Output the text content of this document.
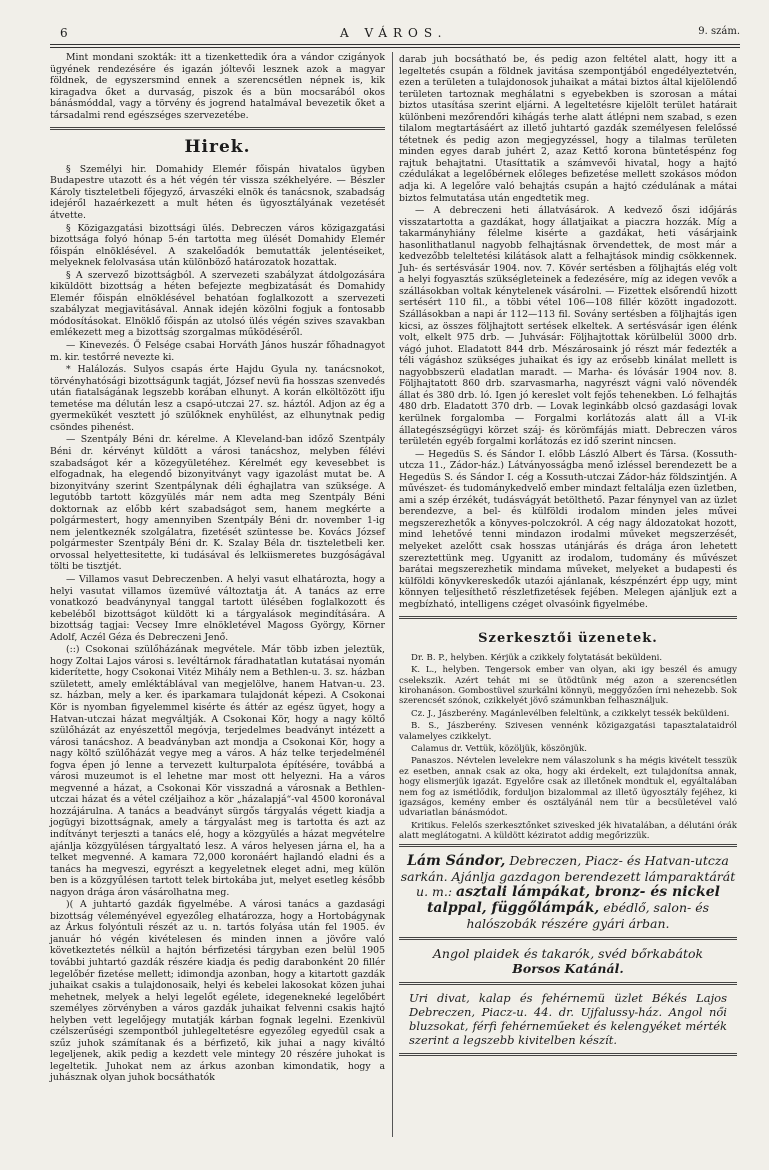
6	A VÁROS.	9. szám.

Mint mondani szokták: itt a tizenkettedik óra a vándor czigányok ügyének rendezésére és igazán jóltevői lesznek azok a magyar földnek, de egyszersmind ennek a szerencsétlen népnek is, kik kiragadva őket a durvaság, piszok és a bün mocsarából okos bánásmóddal, vagy a törvény és jogrend hatalmával bevezetik őket a társadalmi rend egészséges szervezetébe.

Hirek.

§ Személyi hir. Domahidy Elemér főispán hivatalos ügyben Budapestre utazott és a hét végén tér vissza székhelyére. — Bészler Károly tiszteletbeli főjegyző, árvaszéki elnök és tanácsnok, szabadság idejéről hazaérkezett a mult héten és ügyosztályának vezetését átvette.

§ Közigazgatási bizottsági ülés. Debreczen város közigazgatási bizottsága folyó hónap 5-én tartotta meg ülését Domahidy Elemér főispán elnöklésével. A szakelőadók bemutatták jelentéseiket, melyeknek felolvasása után különböző határozatok hozattak.

§ A szervező bizottságból. A szervezeti szabályzat átdolgozására kiküldött bizottság a héten befejezte megbizatását és Domahidy Elemér főispán elnöklésével behatóan foglalkozott a szervezeti szabályzat megjavitásával. Annak idején közölni fogjuk a fontosabb módosításokat. Elnöklő főispán az utolsó ülés végén szives szavakban emlékezett meg a bizottság szorgalmas működéséről.

— Kinevezés. Ő Felsége csabai Horváth János huszár főhadnagyot m. kir. testőrré nevezte ki.

* Haláloz​ás. Sulyos csapás érte Hajdu Gyula ny. tanácsnokot, törvényhatósági bizottságunk tagját, József nevü fia hosszas szenvedés után fiatalságának legszebb korában elhunyt. A korán elköltözött ifju temetése ma délután lesz a csapó-utczai 27. sz. háztól. Adjon az ég a gyermekükét vesztett jó szülőknek enyhülést, az elhunytnak pedig csöndes pihenést.

— Szentpály Béni dr. kérelme. A Kleveland-ban időző Szentpály Béni dr. kérvényt küldött a városi tanácshoz, melyben félévi szabadságot kér a közegyületéhez. Kérelmét egy kevesebbet is elfogadnak, ha elegendő bizonyitványt vagy igazolást mutat be. A bizonyitvány szerint Szentpálynak déli éghajlatra van szüksége. A legutóbb tartott közgyülés már nem adta meg Szentpály Béni doktornak az előbb kért szabadságot sem, hanem megkérte a polgármestert, hogy amennyiben Szentpály Béni dr. november 1-ig nem jelentkeznék szolgálatra, fizetését szüntesse be. Kovács József polgármester Szentpály Béni dr. K. Szalay Béla dr. tiszteletbeli ker. orvossal helyettesitette, ki tudásával és lelkiismeretes buzgóságával tölti be tisztjét.

— Villamos vasut Debreczenben. A helyi vasut elhatározta, hogy a helyi vasutat villamos üzemüvé változtatja át. A tanács az erre vonatkozó beadványnyal tanggal tartott ülésében foglalkozott és kebeléből bizottságot küldött ki a tárgyalások megindítására. A bizottság tagjai: Vecsey Imre elnökletével Magoss György, Körner Adolf, Aczél Géza és Debreczeni Jenő.

(::) Csokonai szülőházának megvétele. Már több izben jeleztük, hogy Zoltai Lajos városi s. levéltárnok fáradhatatlan kutatásai nyomán kiderítette, hogy Csokonai Vitéz Mihály nem a Bethlen-u. 3. sz. házban született, amely emléktáblával van megjelölve, hanem Hatvan-u. 23. sz. házban, mely a ker. és iparkamara tulajdonát képezi. A Csokonai Kör is nyomban figyelemmel kisérte és áttér az egész ügyet, hogy a Hatvan-utczai házat megváltják. A Csokonai Kör, hogy a nagy költő szülőházát az enyészettől megóvja, terjedelmes beadványt intézett a városi tanácshoz. A beadványban azt mondja a Csokonai Kör, hogy a nagy költő szülőházát vegye meg a város. A ház telke terjedelménél fogva épen jó lenne a tervezett kulturpalota építésére, továbbá a városi muzeumot is el lehetne mar most ott helyezni. Ha a város megvenné a házat, a Csokonai Kör visszadná a városnak a Bethlen-utczai házat és a vétel czéljaihoz a kör „házalapjá“-val 4500 koronával hozzájárulna. A tanács a beadványt sürgős tárgyalás végett kiadja a jogügyi bizottságnak, amely a tárgyalást meg is tartotta és azt az indítványt terjeszti a tanács elé, hogy a közgyülés a házat megvételre ajánlja közgyülésen tárgyaltató lesz. A város helyesen járna el, ha a telket megvenné. A kamara 72,000 koronáért hajlandó eladni és a tanács ha megveszi, egyrészt a kegyeletnek eleget adni, meg külön ben is a közgyűlésen tartott telek birtokába jut, melyet esetleg később nagyon drága áron vásárolhatna meg.

)( A juhtartó gazdák figyelmébe. A városi tanács a gazdasági bizottság véleményével egyezőleg elhatározza, hogy a Hortobágynak az Árkus folyóntuli részét az u. n. tartós folyása után fel 1905. év január hó végén kivételesen és minden innen a jövőre való következtetés nélkül a hajtón bérfizetési tárgyban ezen belül 1905 további juhtartó gazdák részére kiadja és pedig darabonként 20 fillér legelőbér fizetése mellett; idimondja azonban, hogy a kitartott gazdák juhaikat csakis a tulajdonosaik, helyi és kebelei lakosokat közen juhai mehetnek, melyek a helyi legelőt egélete, idegenekneké legelőbért személyes zörvényben a város gazdák juhaikat felvenni csakis hajtó helyben vett legelőjegy mutatják kárban fognak legelni. Ezenkivül czélszerűségi szempontból juhlegeltetésre egyezőleg egyedül csak a szűz juhok számítanak és a bérfizető, kik juhai a nagy kiváltó legeljenek, akik pedig a kezdett vele mintegy 20 részére juhokat is legeltetik. Juhokat nem az árkus azonban kimondatik, hogy a juhásznak olyan juhok bocsáthatók

darab juh bocsátható be, és pedig azon feltétel alatt, hogy itt a legeltetés csupán a földnek javitása szempontjából engedélyeztetvén, ezen a területen a tulajdonosok juhaikat a mátai biztos által kijelölendő területen tartoznak meghálatni s egyebekben is szorosan a mátai biztos utasítása szerint eljárni. A legeltetésre kijelölt terület határait különbeni mezőrendőri kihágás terhe alatt átlépni nem szabad, s ezen tilalom megtartásáért az illető juhtartó gazdák személyesen felelőssé tétetnek és pedig azon megjegyzéssel, hogy a tilalmas területen minden egyes darab juhért 2, azaz Kettő korona büntetéspénz fog rajtuk behajtatni. Utasíttatik a számvevői hivatal, hogy a hajtó czédulákat a legelőbérnek előleges befizetése mellett szokásos módon adja ki. A legelőre való behajtás csupán a hajtó czédulának a mátai biztos felmutatása után engedtetik meg.

— A debreczeni heti állatvásárok. A kedvező őszi időjárás visszatartotta a gazdákat, hogy állatjaikat a piaczra hozzák. Míg a takarmányhiány félelme kisérte a gazdákat, heti vásárjaink hasonlithatlanul nagyobb felhajtásnak örvendettek, de most már a kedvezőbb teleltetési kilátások alatt a felhajtások mindig csökkennek. Juh- és sertésvásár 1904. nov. 7. Kövér sertésben a följhajtás elég volt a helyi fogyasztás szükségleteinek a fedezésére, míg az idegen vevők a szállásokban voltak kénytelenek vásárolni. — Fizettek elsőrendű hizott sertésért 110 fil., a többi vétel 106—108 fillér között ingadozott. Szállásokban a napi ár 112—113 fil. Sovány sertésben a följhajtás igen kicsi, az összes följhajtott sertések elkeltek. A sertésvásár igen élénk volt, elkelt 975 drb. — Juhvásár: Följhajtottak körülbelül 3000 drb. vágó juhot. Eladatott 844 drb. Mészárosaink jó részt már fedezték a téli vágáshoz szükséges juhaikat és igy az erősebb kinálat mellett is nagyobbszerü eladatlan maradt. — Marha- és lóvásár 1904 nov. 8. Följhajtatott 860 drb. szarvasmarha, nagyrészt vágni való növendék állat és 380 drb. ló. Igen jó kereslet volt fejős tehenekben. Ló felhajtás 480 drb. Eladatott 370 drb. — Lovak leginkább olcsó gazdasági lovak kerülnek forgalomba — Forgalmi korlátozás alatt áll a VI-ik állategészségügyi körzet száj- és körömfájás miatt. Debreczen város területén egyéb forgalmi korlátozás ez idő szerint nincsen.

— Hegedüs S. és Sándor I. előbb László Albert és Társa. (Kossuth-utcza 11., Zádor-ház.) Látványosságba menő izléssel berendezett be a Hegedüs S. és Sándor I. cég a Kossuth-utczai Zádor-ház földszintjén. A művészet- és tudománykedvelő ember mindazt feltalálja ezen üzletben, ami a szép érzékét, tudásvágyát betölthető. Pazar fénynyel van az üzlet berendezve, a bel- és külföldi irodalom minden jeles művei megszerezhetők a könyves-polczokról. A cég nagy áldozatokat hozott, mind lehetővé tenni mindazon irodalmi műveket megszerzését, melyeket azelőtt csak hosszas utánjárás és drága áron lehetett szereztettünk meg. Ugyanitt az irodalom, tudomány és művészet barátai megszerezhetik mindama műveket, melyeket a budapesti és külföldi könyvkereskedők utazói ajánlanak, készpénzért épp ugy, mint könnyen teljesíthető részletfizetések fejében. Melegen ajánljuk ezt a megbízható, intelligens czéget olvasóink figyelmébe.

Szerkesztői üzenetek.

Dr. B. P., helyben. Kérjük a czikkely folytatását beküldeni.

K. L., helyben. Tengersok ember van olyan, aki igy beszél és amugy cselekszik. Azért tehát mi se ütödtünk még azon a szerencsétlen kirohanáson. Gombostüvel szurkálni könnyü, meggyőzően írni nehezebb. Sok szerencsét szónok, czikkelyét jövő számunkban felhasználjuk.

Cz. J., Jászberény. Magánlevélben feleltünk, a czikkelyt tessék beküldeni.

B. S., Jászberény. Szivesen vennénk közigazgatási tapasztalataidról valamelyes czikkelyt.

Calamus dr. Vettük, közöljük, köszönjük.

Panaszos. Névtelen levelekre nem válaszolunk s ha mégis kivételt tesszük ez esetben, annak csak az oka, hogy aki érdekelt, ezt tulajdonítsa annak, hogy elismerjük igazát. Egyelőre csak az illetőnek mondtuk el, egyáltalában nem fog az ismétlődik, forduljon bizalommal az illető ügyosztály fejéhez, ki igazságos, kemény ember és osztályánál nem tür a becsületével való udvariatlan bánásmódot.

Kritikus. Felelős szerkesztőnket szivesked jék hivatalában, a délutáni órák alatt meglátogatni. A küldött kéziratot addig megőrizzük.

Lám Sándor, Debreczen, Piacz- és Hatvan-utcza sarkán. Ajánlja gazdagon berendezett lámparaktárát u. m.: asztali lámpákat, bronz- és nickel talppal, függőlámpák, ebédlő, salon- és halószobák részére gyári árban.
Angol plaidek és takarók, svéd bőrkabátok
Borsos Katánál.
Uri divat, kalap és fehérnemü üzlet Békés Lajos Debreczen, Piacz-u. 44. dr. Ujfalussy-ház. Angol női bluzsokat, férfi fehérneműeket és kelengyéket mérték szerint a legszebb kivitelben készít.
